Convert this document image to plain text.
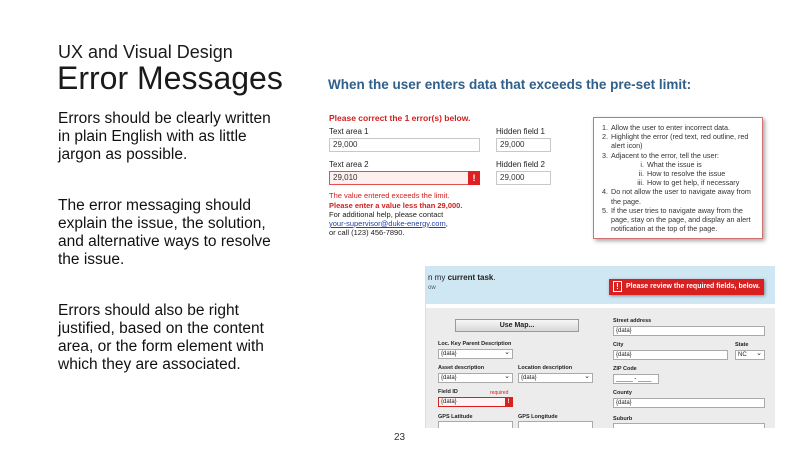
UX and Visual Design
Error Messages
Errors should be clearly written in plain English with as little jargon as possible.
The error messaging should explain the issue, the solution, and alternative ways to resolve the issue.
Errors should also be right justified, based on the content area, or the form element with which they are associated.
23
When the user enters data that exceeds the pre-set limit:
Please correct the 1 error(s) below.
Text area 1
29,000
Hidden field 1
29,000
Text area 2
29,010	!
Hidden field 2
29,000
The value entered exceeds the limit.
Please enter a value less than 29,000.
For additional help, please contact
your-supervisor@duke-energy.com,
or call (123) 456-7890.
1. Allow the user to enter incorrect data.
2. Highlight the error (red text, red outline, red alert icon)
3. Adjacent to the error, tell the user:
i. What the issue is
ii. How to resolve the issue
iii. How to get help, if necessary
4. Do not allow the user to navigate away from the page.
5. If the user tries to navigate away from the page, stay on the page, and display an alert notification at the top of the page.
n my current task.
ow	! Please review the required fields, below.
Use Map...
Loc. Key Parent Description
{data} ⌄
Asset description
{data} ⌄
Location description
{data} ⌄
Field ID	required
{data}	!
GPS Latitude	GPS Longitude
Street address
{data}
City
{data}
State
NC ⌄
ZIP Code
_____ - ____
County
{data}
Suburb
